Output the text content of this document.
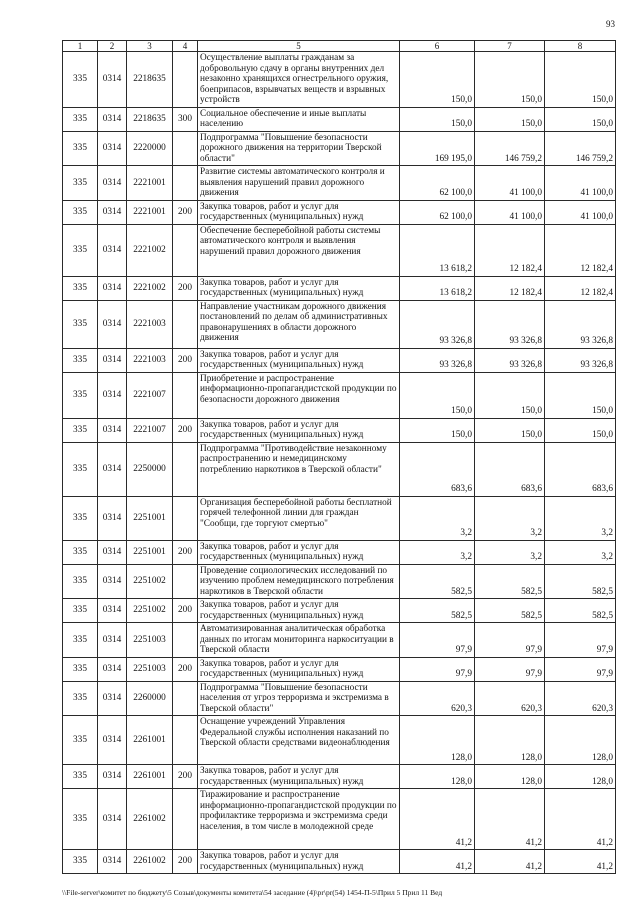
93
1	2	3	4	5	6	7	8
335	0314	2218635		Осуществление выплаты гражданам за добровольную сдачу в органы внутренних дел незаконно хранящихся огнестрельного оружия, боеприпасов, взрывчатых веществ и взрывных устройств	150,0	150,0	150,0
335	0314	2218635	300	Социальное обеспечение и иные выплаты населению	150,0	150,0	150,0
335	0314	2220000		Подпрограмма "Повышение безопасности дорожного движения на территории Тверской области"	169 195,0	146 759,2	146 759,2
335	0314	2221001		Развитие системы автоматического контроля и выявления нарушений правил дорожного движения	62 100,0	41 100,0	41 100,0
335	0314	2221001	200	Закупка товаров, работ и услуг для государственных (муниципальных) нужд	62 100,0	41 100,0	41 100,0
335	0314	2221002		Обеспечение бесперебойной работы системы автоматического контроля и выявления нарушений правил дорожного движения	13 618,2	12 182,4	12 182,4
335	0314	2221002	200	Закупка товаров, работ и услуг для государственных (муниципальных) нужд	13 618,2	12 182,4	12 182,4
335	0314	2221003		Направление участникам дорожного движения постановлений по делам об административных правонарушениях в области дорожного движения	93 326,8	93 326,8	93 326,8
335	0314	2221003	200	Закупка товаров, работ и услуг для государственных (муниципальных) нужд	93 326,8	93 326,8	93 326,8
335	0314	2221007		Приобретение и распространение информационно-пропагандистской продукции по безопасности дорожного движения	150,0	150,0	150,0
335	0314	2221007	200	Закупка товаров, работ и услуг для государственных (муниципальных) нужд	150,0	150,0	150,0
335	0314	2250000		Подпрограмма "Противодействие незаконному распространению и немедицинскому потреблению наркотиков в Тверской области"	683,6	683,6	683,6
335	0314	2251001		Организация бесперебойной работы бесплатной горячей телефонной линии для граждан "Сообщи, где торгуют смертью"	3,2	3,2	3,2
335	0314	2251001	200	Закупка товаров, работ и услуг для государственных (муниципальных) нужд	3,2	3,2	3,2
335	0314	2251002		Проведение социологических исследований по изучению проблем немедицинского потребления наркотиков в Тверской области	582,5	582,5	582,5
335	0314	2251002	200	Закупка товаров, работ и услуг для государственных (муниципальных) нужд	582,5	582,5	582,5
335	0314	2251003		Автоматизированная аналитическая обработка данных по итогам мониторинга наркоситуации в Тверской области	97,9	97,9	97,9
335	0314	2251003	200	Закупка товаров, работ и услуг для государственных (муниципальных) нужд	97,9	97,9	97,9
335	0314	2260000		Подпрограмма "Повышение безопасности населения от угроз терроризма и экстремизма в Тверской области"	620,3	620,3	620,3
335	0314	2261001		Оснащение учреждений Управления Федеральной службы исполнения наказаний по Тверской области средствами видеонаблюдения	128,0	128,0	128,0
335	0314	2261001	200	Закупка товаров, работ и услуг для государственных (муниципальных) нужд	128,0	128,0	128,0
335	0314	2261002		Тиражирование и распространение информационно-пропагандистской продукции по профилактике терроризма и экстремизма среди населения, в том числе в молодежной среде	41,2	41,2	41,2
335	0314	2261002	200	Закупка товаров, работ и услуг для государственных (муниципальных) нужд	41,2	41,2	41,2
\\File-server\комитет по бюджету\5 Созыв\документы комитета\54 заседание (4)\pr\pr(54) 1454-П-5\Прил 5 Прил 11 Вед
